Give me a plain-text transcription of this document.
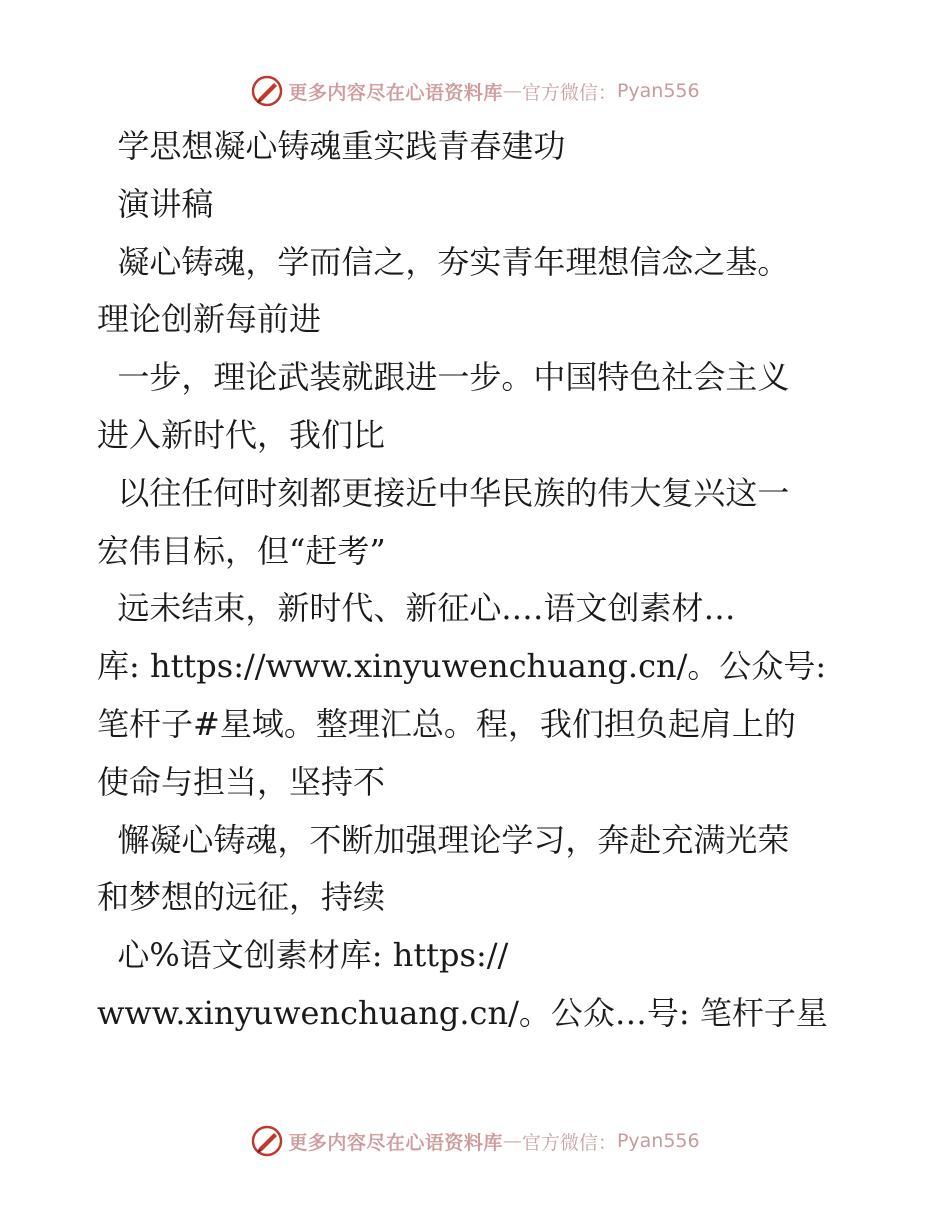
更多内容尽在心语资料库 — 官方微信： Pyan556
学思想凝心铸魂重实践青春建功
演讲稿
凝心铸魂，学而信之，夯实青年理想信念之基。
理论创新每前进
一步，理论武装就跟进一步。中国特色社会主义
进入新时代，我们比
以往任何时刻都更接近中华民族的伟大复兴这一
宏伟目标，但“赶考”
远未结束，新时代、新征心.…语文创素材…
库: https://www.xinyuwenchuang.cn/。公众号:
笔杆子#星域。整理汇总。程，我们担负起肩上的
使命与担当，坚持不
懈凝心铸魂，不断加强理论学习，奔赴充满光荣
和梦想的远征，持续
心%语文创素材库: https://
www.xinyuwenchuang.cn/。公众…号: 笔杆子星
更多内容尽在心语资料库 — 官方微信： Pyan556
